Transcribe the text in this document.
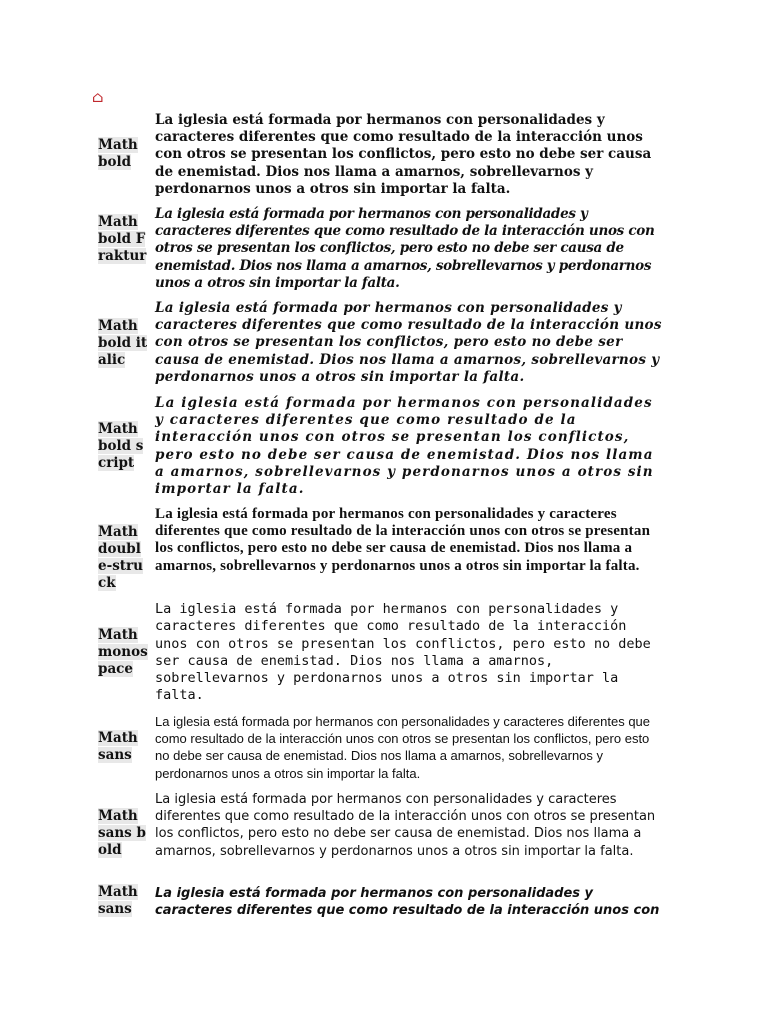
⌂
Math bold
La iglesia está formada por hermanos con personalidades y caracteres diferentes que como resultado de la interacción unos con otros se presentan los conflictos, pero esto no debe ser causa de enemistad. Dios nos llama a amarnos, sobrellevarnos y perdonarnos unos a otros sin importar la falta.
Math bold Fraktur
La iglesia está formada por hermanos con personalidades y caracteres diferentes que como resultado de la interacción unos con otros se presentan los conflictos, pero esto no debe ser causa de enemistad. Dios nos llama a amarnos, sobrellevarnos y perdonarnos unos a otros sin importar la falta.
Math bold italic
La iglesia está formada por hermanos con personalidades y caracteres diferentes que como resultado de la interacción unos con otros se presentan los conflictos, pero esto no debe ser causa de enemistad. Dios nos llama a amarnos, sobrellevarnos y perdonarnos unos a otros sin importar la falta.
Math bold script
La iglesia está formada por hermanos con personalidades y caracteres diferentes que como resultado de la interacción unos con otros se presentan los conflictos, pero esto no debe ser causa de enemistad. Dios nos llama a amarnos, sobrellevarnos y perdonarnos unos a otros sin importar la falta.
Math double-struck
La iglesia está formada por hermanos con personalidades y caracteres diferentes que como resultado de la interacción unos con otros se presentan los conflictos, pero esto no debe ser causa de enemistad. Dios nos llama a amarnos, sobrellevarnos y perdonarnos unos a otros sin importar la falta.
Math monospace
La iglesia está formada por hermanos con personalidades y caracteres diferentes que como resultado de la interacción unos con otros se presentan los conflictos, pero esto no debe ser causa de enemistad. Dios nos llama a amarnos, sobrellevarnos y perdonarnos unos a otros sin importar la falta.
Math sans
La iglesia está formada por hermanos con personalidades y caracteres diferentes que como resultado de la interacción unos con otros se presentan los conflictos, pero esto no debe ser causa de enemistad. Dios nos llama a amarnos, sobrellevarnos y perdonarnos unos a otros sin importar la falta.
Math sans bold
La iglesia está formada por hermanos con personalidades y caracteres diferentes que como resultado de la interacción unos con otros se presentan los conflictos, pero esto no debe ser causa de enemistad. Dios nos llama a amarnos, sobrellevarnos y perdonarnos unos a otros sin importar la falta.
Math sans
La iglesia está formada por hermanos con personalidades y caracteres diferentes que como resultado de la interacción unos con
